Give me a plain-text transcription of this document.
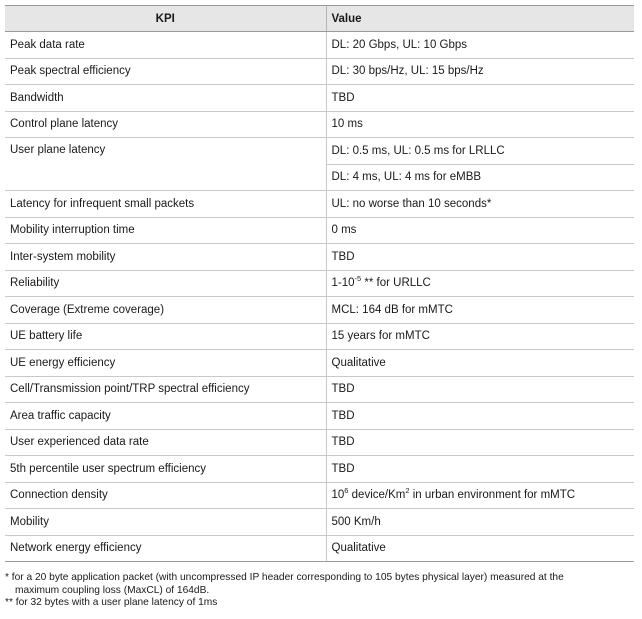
KPI	Value
Peak data rate	DL: 20 Gbps, UL: 10 Gbps
Peak spectral efficiency	DL: 30 bps/Hz, UL: 15 bps/Hz
Bandwidth	TBD
Control plane latency	10 ms
User plane latency	DL: 0.5 ms, UL: 0.5 ms for LRLLC
	DL: 4 ms, UL: 4 ms for eMBB
Latency for infrequent small packets	UL: no worse than 10 seconds*
Mobility interruption time	0 ms
Inter-system mobility	TBD
Reliability	$1-10^{-5}$ ** for URLLC
Coverage (Extreme coverage)	MCL: 164 dB for mMTC
UE battery life	15 years for mMTC
UE energy efficiency	Qualitative
Cell/Transmission point/TRP spectral efficiency	TBD
Area traffic capacity	TBD
User experienced data rate	TBD
5th percentile user spectrum efficiency	TBD
Connection density	$10^6$ device/Km$^2$ in urban environment for mMTC
Mobility	500 Km/h
Network energy efficiency	Qualitative
* for a 20 byte application packet (with uncompressed IP header corresponding to 105 bytes physical layer) measured at the
maximum coupling loss (MaxCL) of 164dB.
** for 32 bytes with a user plane latency of 1ms
